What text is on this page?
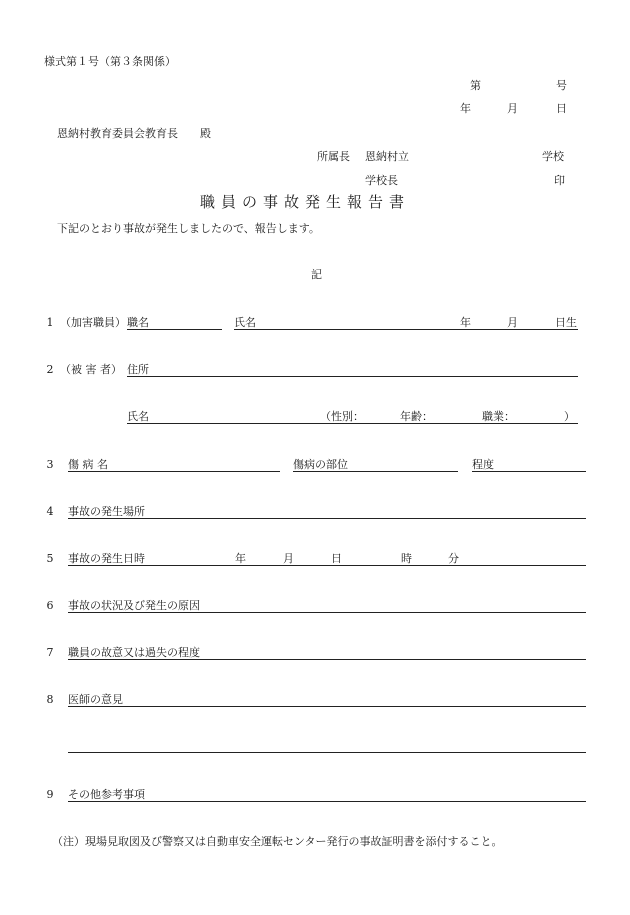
様式第１号（第３条関係）
第	号
年	月	日
恩納村教育委員会教育長　　殿
所属長 恩納村立	学校
学校長	印
職員の事故発生報告書
下記のとおり事故が発生しましたので、報告します。
記
1 （加害職員） 職名	氏名	年	月	日生
2 （被 害 者） 住所
氏名	（性別：	年齢：	職業：	）
3 傷 病 名	傷病の部位	程度
4 事故の発生場所
5 事故の発生日時	年	月	日	時	分
6 事故の状況及び発生の原因
7 職員の故意又は過失の程度
8 医師の意見
9 その他参考事項
（注）現場見取図及び警察又は自動車安全運転センター発行の事故証明書を添付すること。
